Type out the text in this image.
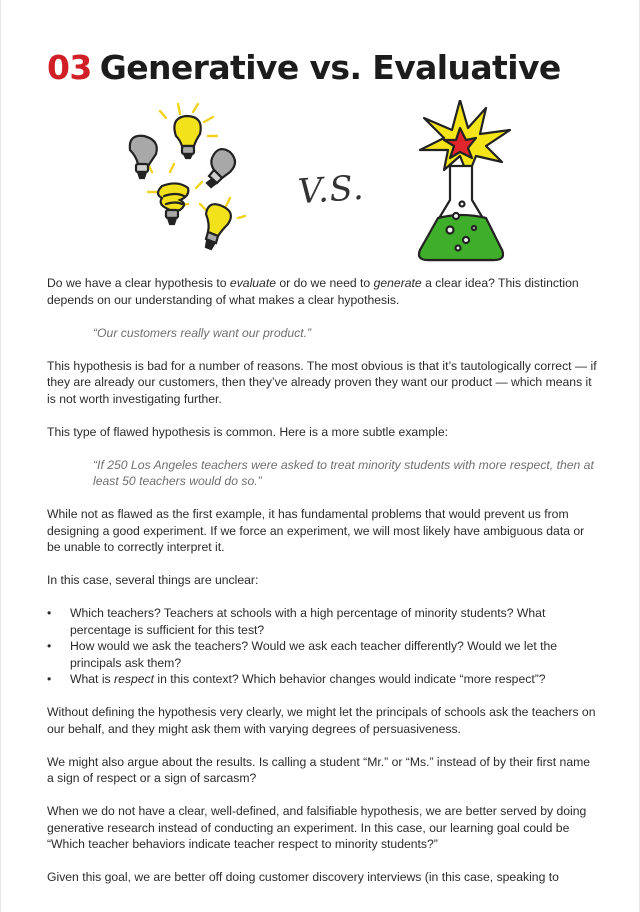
03 Generative vs. Evaluative
V.S.

Do we have a clear hypothesis to evaluate or do we need to generate a clear idea? This distinction depends on our understanding of what makes a clear hypothesis.

“Our customers really want our product.”

This hypothesis is bad for a number of reasons. The most obvious is that it’s tautologically correct — if they are already our customers, then they’ve already proven they want our product — which means it is not worth investigating further.

This type of flawed hypothesis is common. Here is a more subtle example:

“If 250 Los Angeles teachers were asked to treat minority students with more respect, then at least 50 teachers would do so.”

While not as flawed as the first example, it has fundamental problems that would prevent us from designing a good experiment. If we force an experiment, we will most likely have ambiguous data or be unable to correctly interpret it.

In this case, several things are unclear:

• Which teachers? Teachers at schools with a high percentage of minority students? What percentage is sufficient for this test?
• How would we ask the teachers? Would we ask each teacher differently? Would we let the principals ask them?
• What is respect in this context? Which behavior changes would indicate “more respect”?

Without defining the hypothesis very clearly, we might let the principals of schools ask the teachers on our behalf, and they might ask them with varying degrees of persuasiveness.

We might also argue about the results. Is calling a student “Mr.” or “Ms.” instead of by their first name a sign of respect or a sign of sarcasm?

When we do not have a clear, well-defined, and falsifiable hypothesis, we are better served by doing generative research instead of conducting an experiment. In this case, our learning goal could be “Which teacher behaviors indicate teacher respect to minority students?”

Given this goal, we are better off doing customer discovery interviews (in this case, speaking to
